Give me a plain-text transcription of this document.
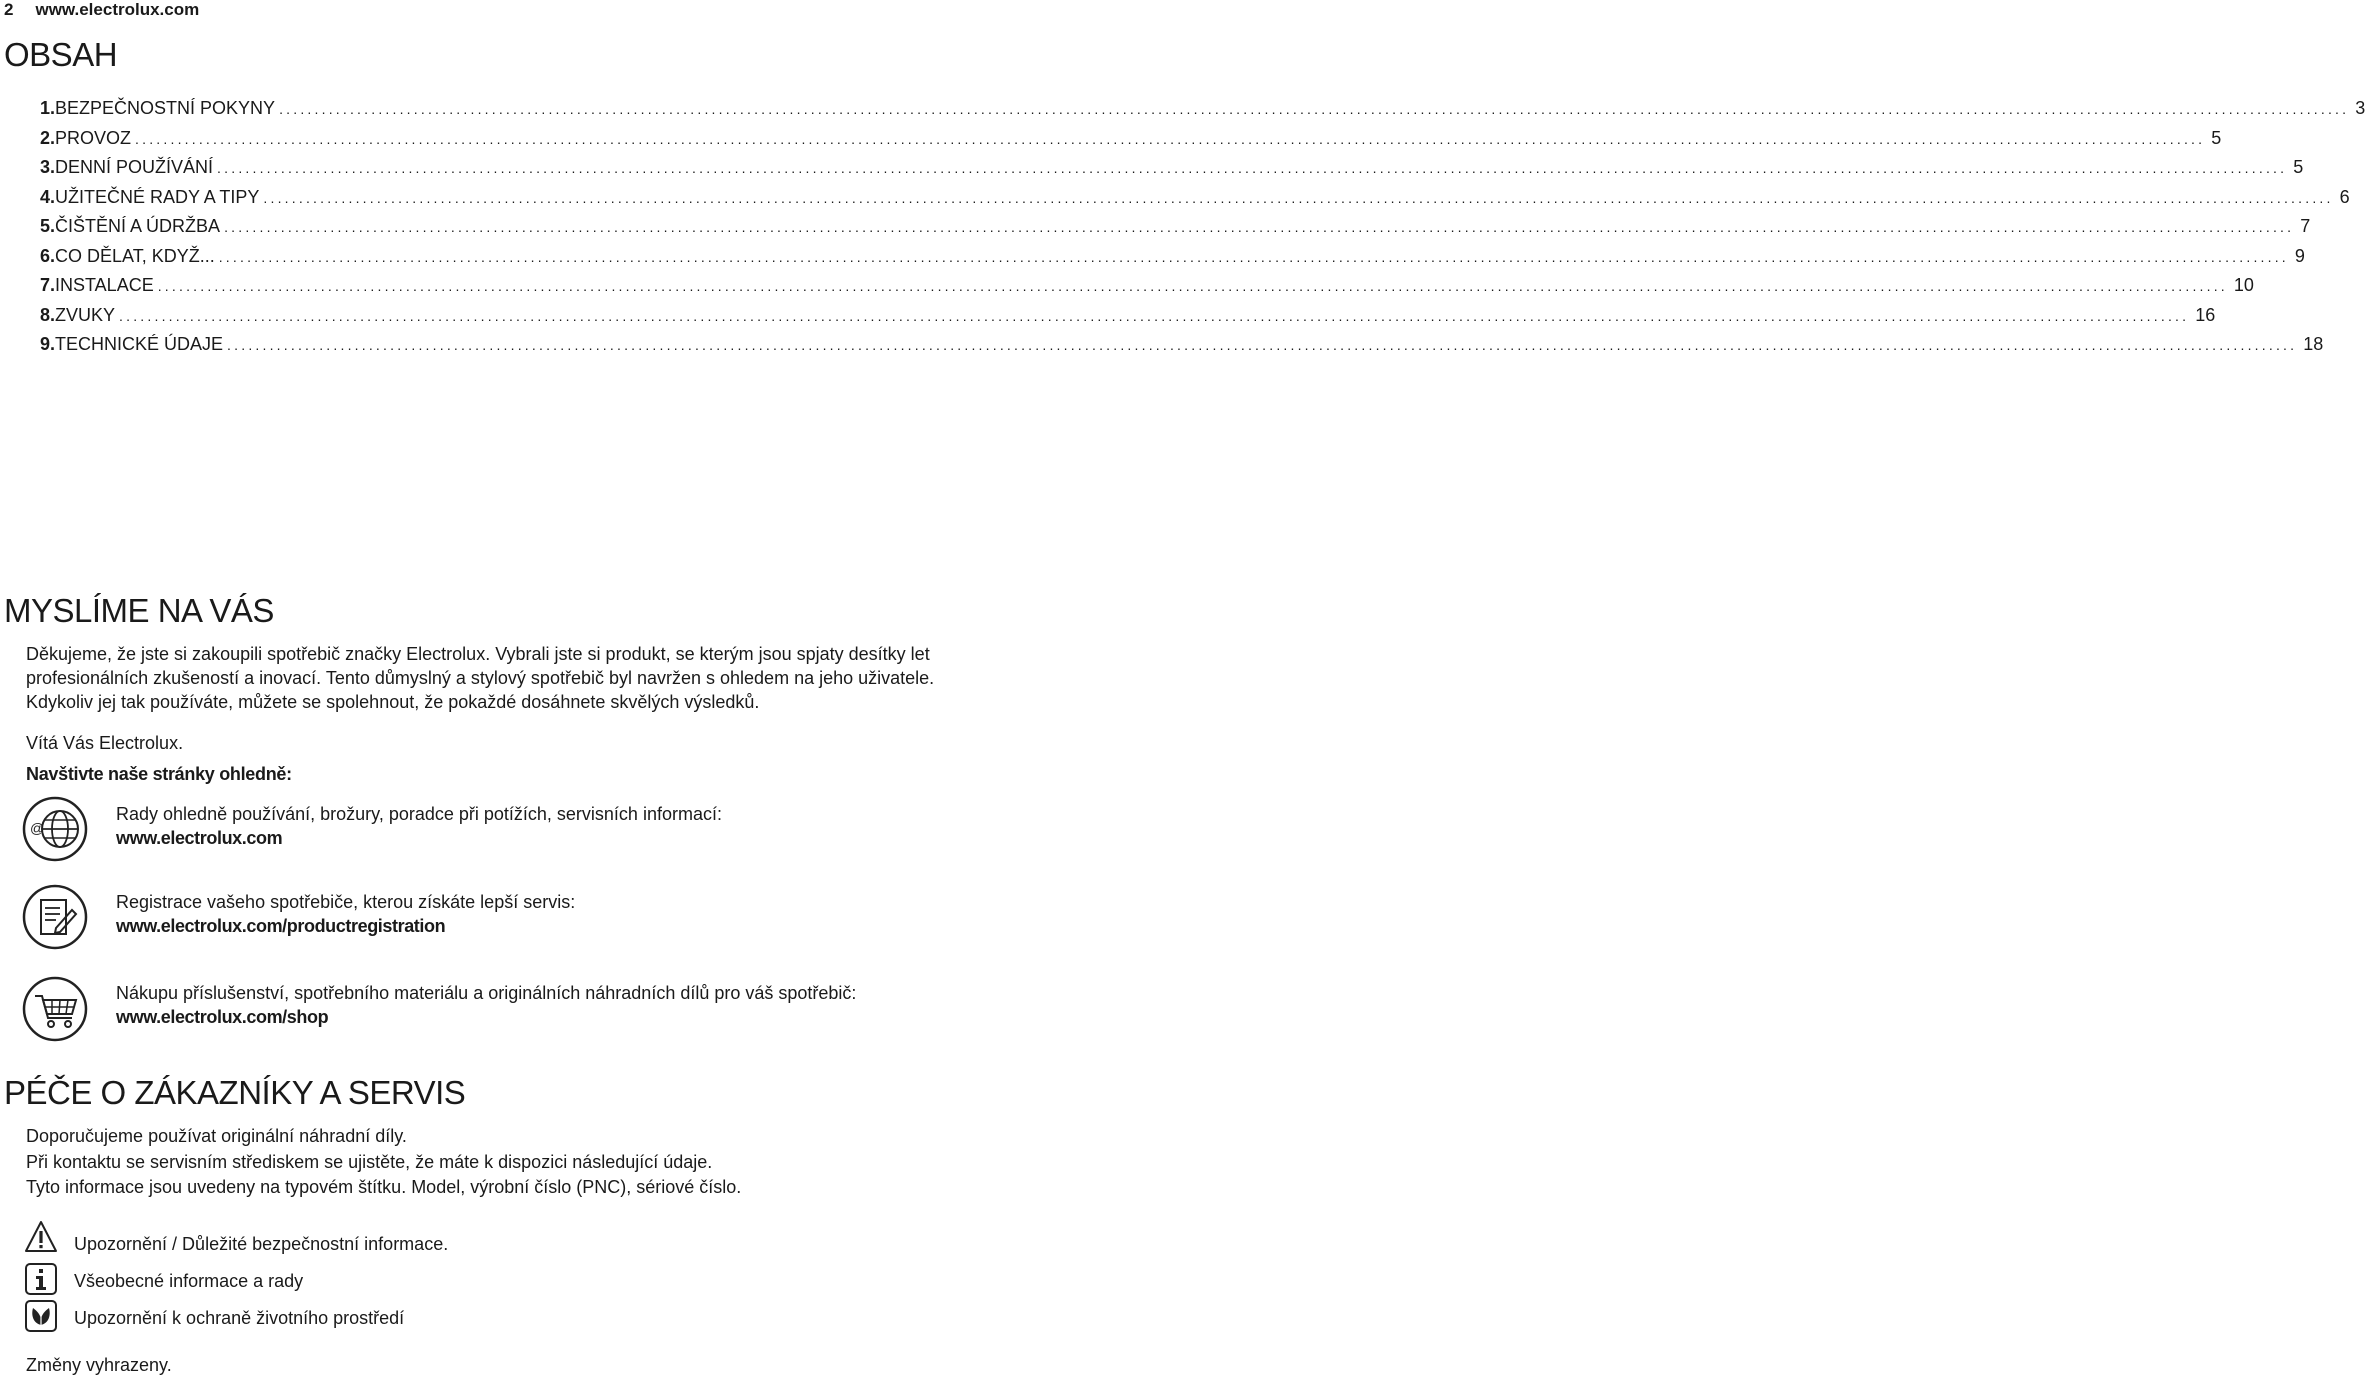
2 www.electrolux.com
OBSAH
1. BEZPEČNOSTNÍ POKYNY .....	3
2. PROVOZ .....	5
3. DENNÍ POUŽÍVÁNÍ .....	5
4. UŽITEČNÉ RADY A TIPY .....	6
5. ČIŠTĚNÍ A ÚDRŽBA .....	7
6. CO DĚLAT, KDYŽ... .....	9
7. INSTALACE .....	10
8. ZVUKY .....	16
9. TECHNICKÉ ÚDAJE .....	18
MYSLÍME NA VÁS
Děkujeme, že jste si zakoupili spotřebič značky Electrolux. Vybrali jste si produkt, se kterým jsou spjaty desítky let profesionálních zkušeností a inovací. Tento důmyslný a stylový spotřebič byl navržen s ohledem na jeho uživatele. Kdykoliv jej tak používáte, můžete se spolehnout, že pokaždé dosáhnete skvělých výsledků.
Vítá Vás Electrolux.
Navštivte naše stránky ohledně:
@
Rady ohledně používání, brožury, poradce při potížích, servisních informací:
www.electrolux.com
Registrace vašeho spotřebiče, kterou získáte lepší servis:
www.electrolux.com/productregistration
Nákupu příslušenství, spotřebního materiálu a originálních náhradních dílů pro váš spotřebič:
www.electrolux.com/shop
PÉČE O ZÁKAZNÍKY A SERVIS
Doporučujeme používat originální náhradní díly.
Při kontaktu se servisním střediskem se ujistěte, že máte k dispozici následující údaje.
Tyto informace jsou uvedeny na typovém štítku. Model, výrobní číslo (PNC), sériové číslo.
Upozornění / Důležité bezpečnostní informace.
Všeobecné informace a rady
Upozornění k ochraně životního prostředí
Změny vyhrazeny.
